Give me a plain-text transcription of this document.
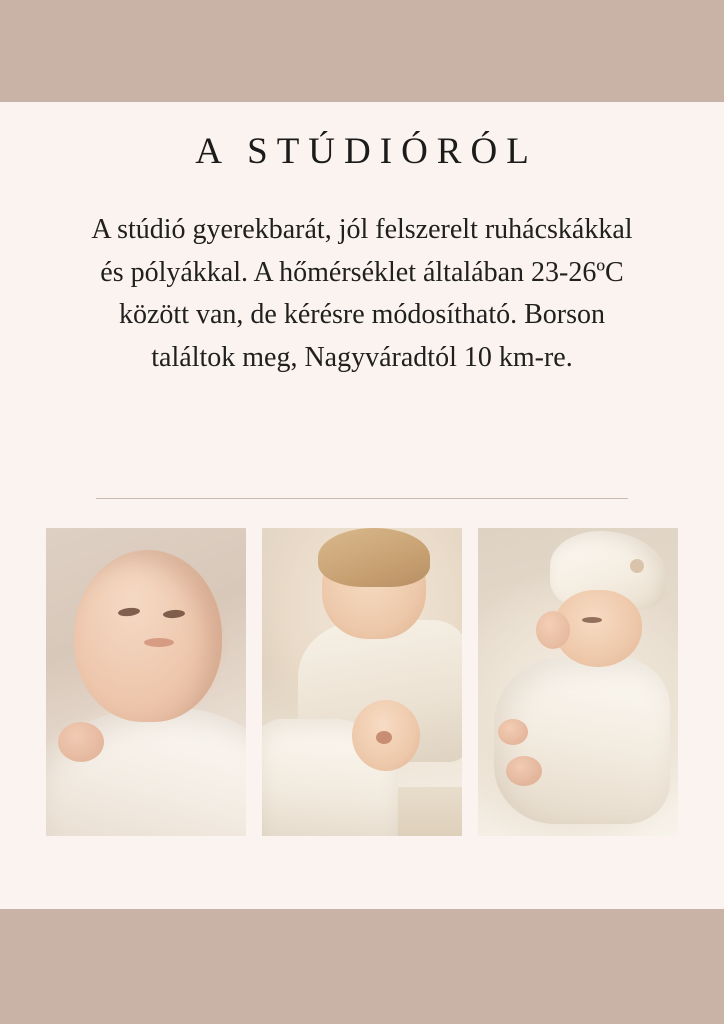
A STÚDIÓRÓL

A stúdió gyerekbarát, jól felszerelt ruhácskákkal és pólyákkal. A hőmérséklet általában 23-26ºC között van, de kérésre módosítható. Borson találtok meg, Nagyváradtól 10 km-re.
